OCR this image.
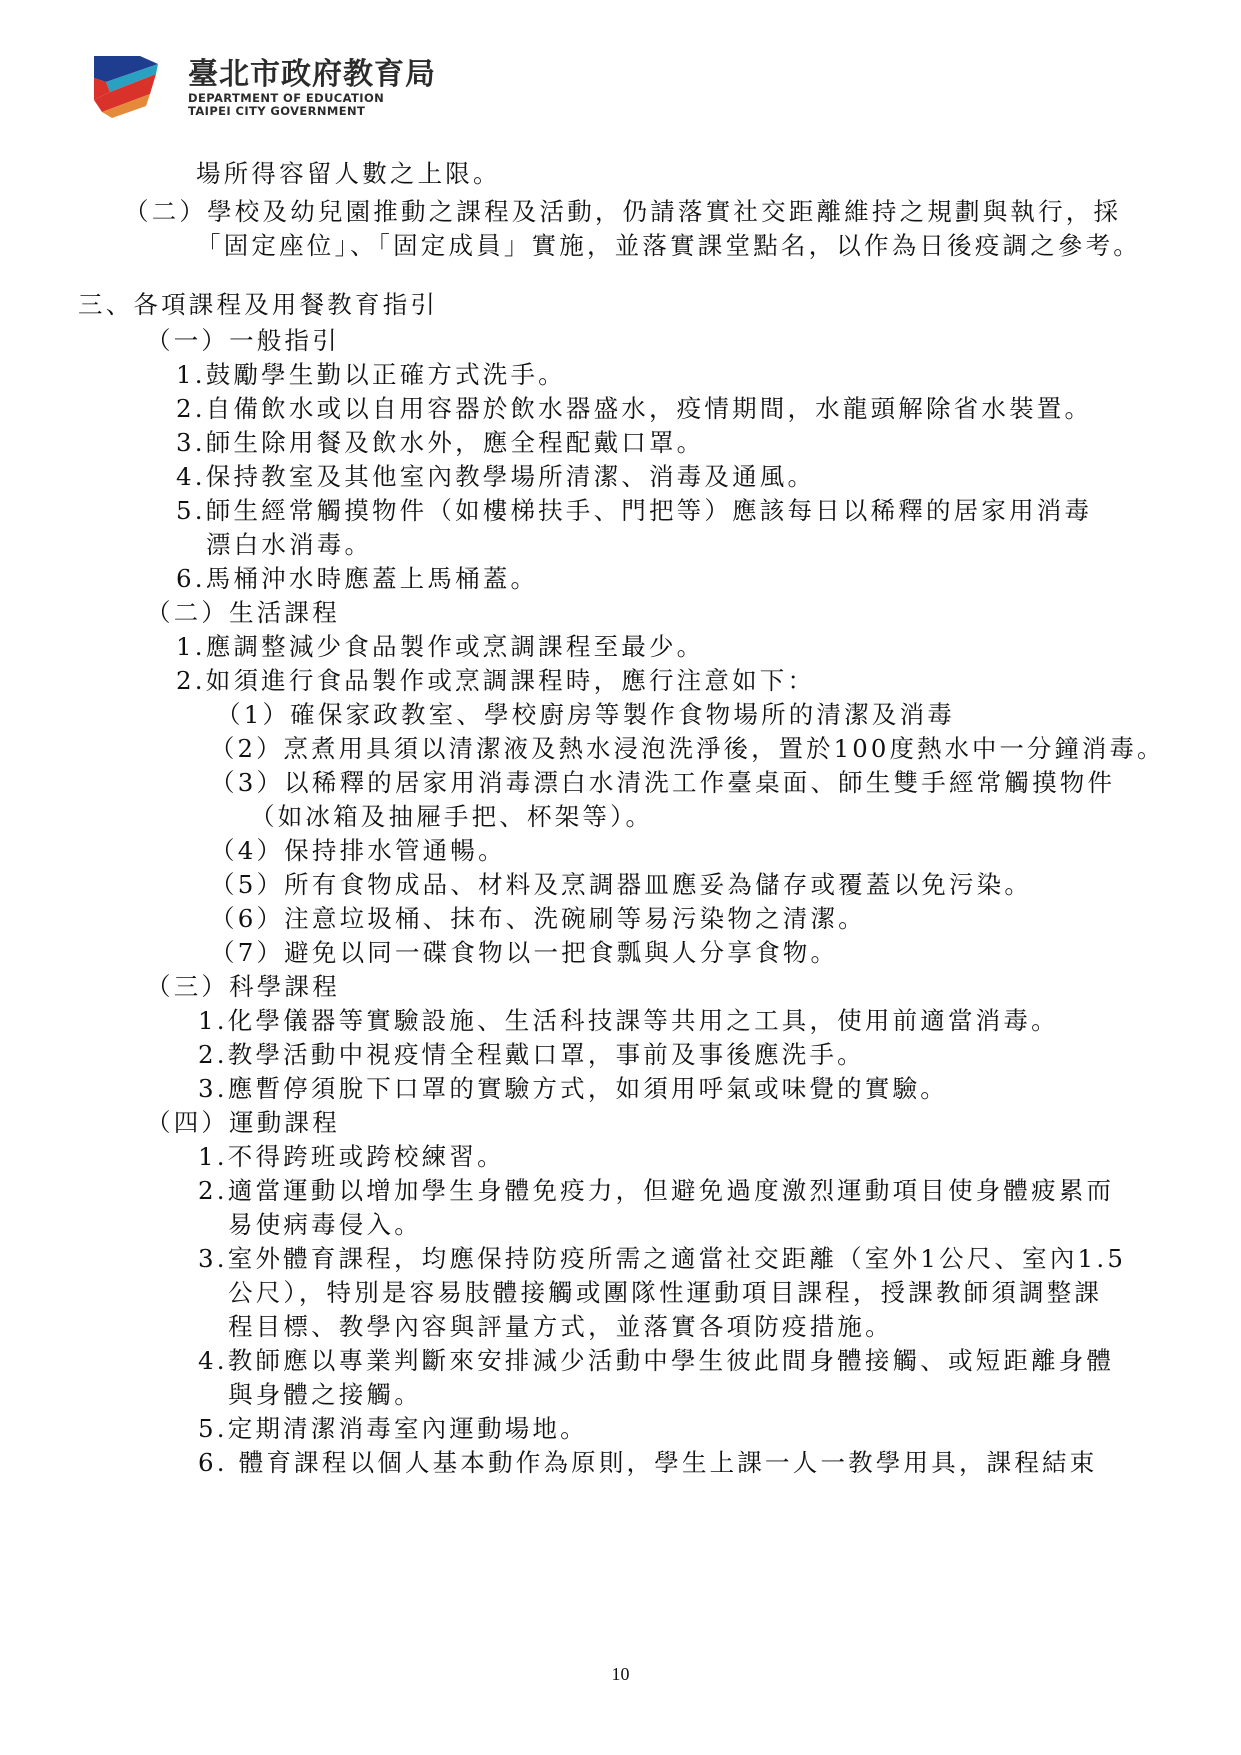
臺北市政府教育局
DEPARTMENT OF EDUCATION
TAIPEI CITY GOVERNMENT
場所得容留人數之上限。
（二）學校及幼兒園推動之課程及活動，仍請落實社交距離維持之規劃與執行，採
「固定座位」、「固定成員」實施，並落實課堂點名，以作為日後疫調之參考。
三、各項課程及用餐教育指引
（一）一般指引
1.鼓勵學生勤以正確方式洗手。
2.自備飲水或以自用容器於飲水器盛水，疫情期間，水龍頭解除省水裝置。
3.師生除用餐及飲水外，應全程配戴口罩。
4.保持教室及其他室內教學場所清潔、消毒及通風。
5.師生經常觸摸物件（如樓梯扶手、門把等）應該每日以稀釋的居家用消毒
漂白水消毒。
6.馬桶沖水時應蓋上馬桶蓋。
（二）生活課程
1.應調整減少食品製作或烹調課程至最少。
2.如須進行食品製作或烹調課程時，應行注意如下：
（1）確保家政教室、學校廚房等製作食物場所的清潔及消毒
（2）烹煮用具須以清潔液及熱水浸泡洗淨後，置於100度熱水中一分鐘消毒。
（3）以稀釋的居家用消毒漂白水清洗工作臺桌面、師生雙手經常觸摸物件
（如冰箱及抽屜手把、杯架等）。
（4）保持排水管通暢。
（5）所有食物成品、材料及烹調器皿應妥為儲存或覆蓋以免污染。
（6）注意垃圾桶、抹布、洗碗刷等易污染物之清潔。
（7）避免以同一碟食物以一把食瓢與人分享食物。
（三）科學課程
1.化學儀器等實驗設施、生活科技課等共用之工具，使用前適當消毒。
2.教學活動中視疫情全程戴口罩，事前及事後應洗手。
3.應暫停須脫下口罩的實驗方式，如須用呼氣或味覺的實驗。
（四）運動課程
1.不得跨班或跨校練習。
2.適當運動以增加學生身體免疫力，但避免過度激烈運動項目使身體疲累而
易使病毒侵入。
3.室外體育課程，均應保持防疫所需之適當社交距離（室外1公尺、室內1.5
公尺），特別是容易肢體接觸或團隊性運動項目課程，授課教師須調整課
程目標、教學內容與評量方式，並落實各項防疫措施。
4.教師應以專業判斷來安排減少活動中學生彼此間身體接觸、或短距離身體
與身體之接觸。
5.定期清潔消毒室內運動場地。
6. 體育課程以個人基本動作為原則，學生上課一人一教學用具，課程結束
10
